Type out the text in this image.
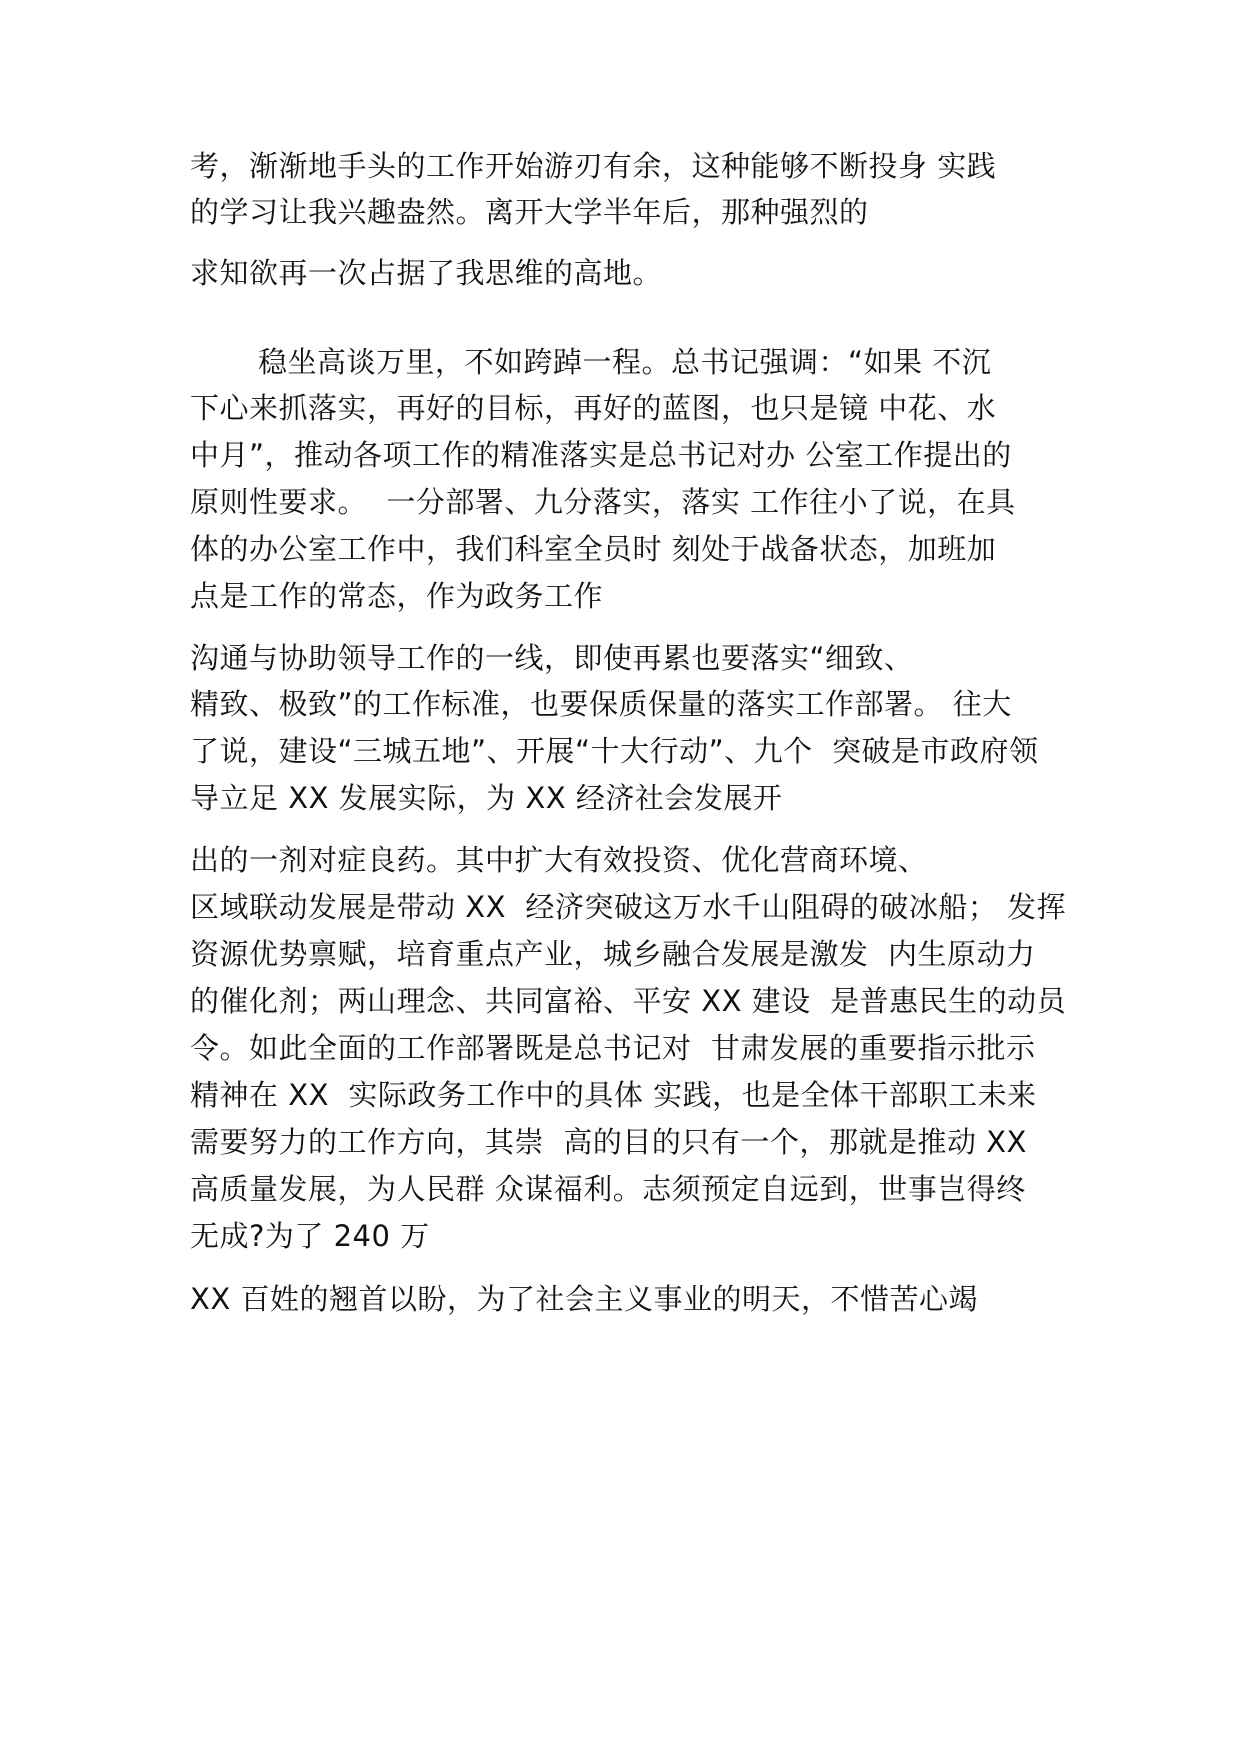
考，渐渐地手头的工作开始游刃有余，这种能够不断投身 实践
的学习让我兴趣盎然。离开大学半年后，那种强烈的
求知欲再一次占据了我思维的高地。
稳坐高谈万里，不如跨踔一程。总书记强调：“如果 不沉
下心来抓落实，再好的目标，再好的蓝图，也只是镜 中花、水
中月”，推动各项工作的精准落实是总书记对办 公室工作提出的
原则性要求。  一分部署、九分落实，落实 工作往小了说，在具
体的办公室工作中，我们科室全员时 刻处于战备状态，加班加
点是工作的常态，作为政务工作
沟通与协助领导工作的一线，即使再累也要落实“细致、
精致、极致”的工作标准，也要保质保量的落实工作部署。 往大
了说，建设“三城五地”、开展“十大行动”、九个  突破是市政府领
导立足 XX 发展实际，为 XX 经济社会发展开
出的一剂对症良药。其中扩大有效投资、优化营商环境、
区域联动发展是带动 XX  经济突破这万水千山阻碍的破冰船； 发挥
资源优势禀赋，培育重点产业，城乡融合发展是激发  内生原动力
的催化剂；两山理念、共同富裕、平安 XX 建设  是普惠民生的动员
令。如此全面的工作部署既是总书记对  甘肃发展的重要指示批示
精神在 XX  实际政务工作中的具体 实践，也是全体干部职工未来
需要努力的工作方向，其崇  高的目的只有一个，那就是推动 XX
高质量发展，为人民群 众谋福利。志须预定自远到，世事岂得终
无成?为了 240 万
XX 百姓的翘首以盼，为了社会主义事业的明天，不惜苦心竭
